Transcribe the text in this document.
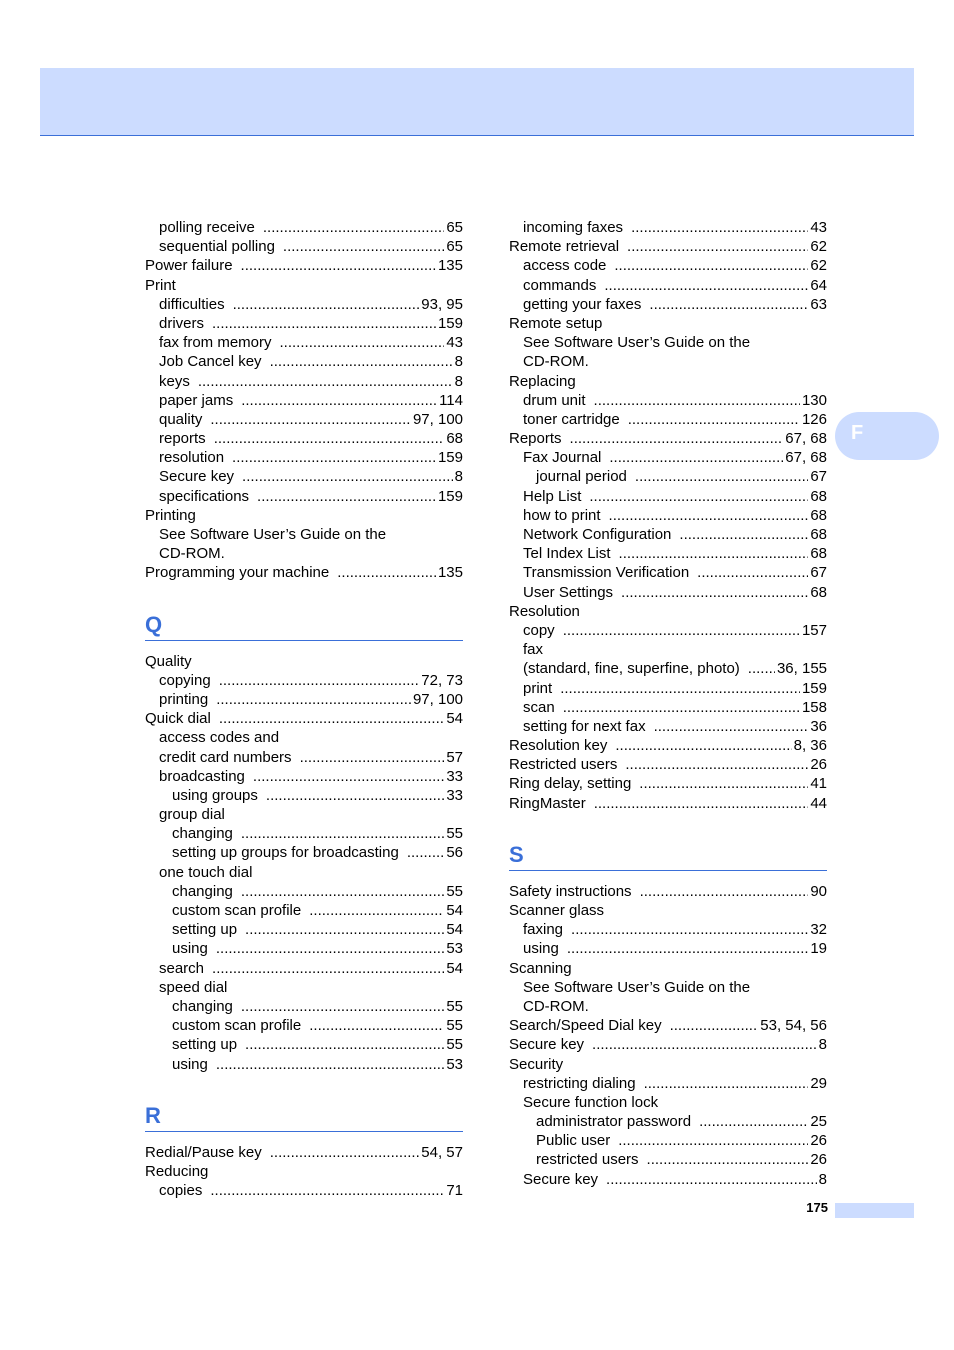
F
polling receive .....	65
sequential polling .....	65
Power failure .....	135
Print
difficulties .....	93, 95
drivers .....	159
fax from memory .....	43
Job Cancel key .....	8
keys .....	8
paper jams .....	114
quality .....	97, 100
reports .....	68
resolution .....	159
Secure key .....	8
specifications .....	159
Printing
See Software User’s Guide on the
CD-ROM.
Programming your machine .....	135
Q
Quality
copying .....	72, 73
printing .....	97, 100
Quick dial .....	54
access codes and
credit card numbers .....	57
broadcasting .....	33
using groups .....	33
group dial
changing .....	55
setting up groups for broadcasting .....	56
one touch dial
changing .....	55
custom scan profile .....	54
setting up .....	54
using .....	53
search .....	54
speed dial
changing .....	55
custom scan profile .....	55
setting up .....	55
using .....	53
R
Redial/Pause key .....	54, 57
Reducing
copies .....	71
incoming faxes .....	43
Remote retrieval .....	62
access code .....	62
commands .....	64
getting your faxes .....	63
Remote setup
See Software User’s Guide on the
CD-ROM.
Replacing
drum unit .....	130
toner cartridge .....	126
Reports .....	67, 68
Fax Journal .....	67, 68
journal period .....	67
Help List .....	68
how to print .....	68
Network Configuration .....	68
Tel Index List .....	68
Transmission Verification .....	67
User Settings .....	68
Resolution
copy .....	157
fax
(standard, fine, superfine, photo) ..... 36, 155
print .....	159
scan .....	158
setting for next fax .....	36
Resolution key .....	8, 36
Restricted users .....	26
Ring delay, setting .....	41
RingMaster .....	44
S
Safety instructions .....	90
Scanner glass
faxing .....	32
using .....	19
Scanning
See Software User’s Guide on the
CD-ROM.
Search/Speed Dial key .....	53, 54, 56
Secure key .....	8
Security
restricting dialing .....	29
Secure function lock
administrator password .....	25
Public user .....	26
restricted users .....	26
Secure key .....	8
175
